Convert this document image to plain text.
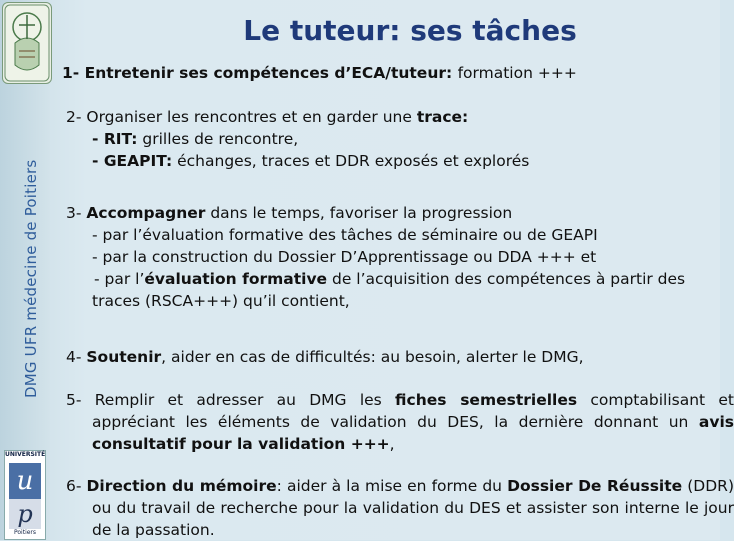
DMG UFR médecine de Poitiers
Le tuteur: ses tâches

1- Entretenir ses compétences d’ECA/tuteur: formation +++

2- Organiser les rencontres et en garder une trace:
- RIT: grilles de rencontre,
- GEAPIT: échanges, traces et DDR exposés et explorés
3- Accompagner dans le temps, favoriser la progression
- par l’évaluation formative des tâches de séminaire ou de GEAPI
- par la construction du Dossier D’Apprentissage ou DDA +++ et
- par l’évaluation formative de l’acquisition des compétences à partir des
traces (RSCA+++) qu’il contient,

4- Soutenir, aider en cas de difficultés: au besoin, alerter le DMG,

5- Remplir et adresser au DMG les fiches semestrielles comptabilisant et appréciant les éléments de validation du DES, la dernière donnant un avis consultatif pour la validation +++,

6- Direction du mémoire: aider à la mise en forme du Dossier De Réussite (DDR) ou du travail de recherche pour la validation du DES et assister son interne le jour de la passation.

UNIVERSITÉ
u
p
Poitiers
